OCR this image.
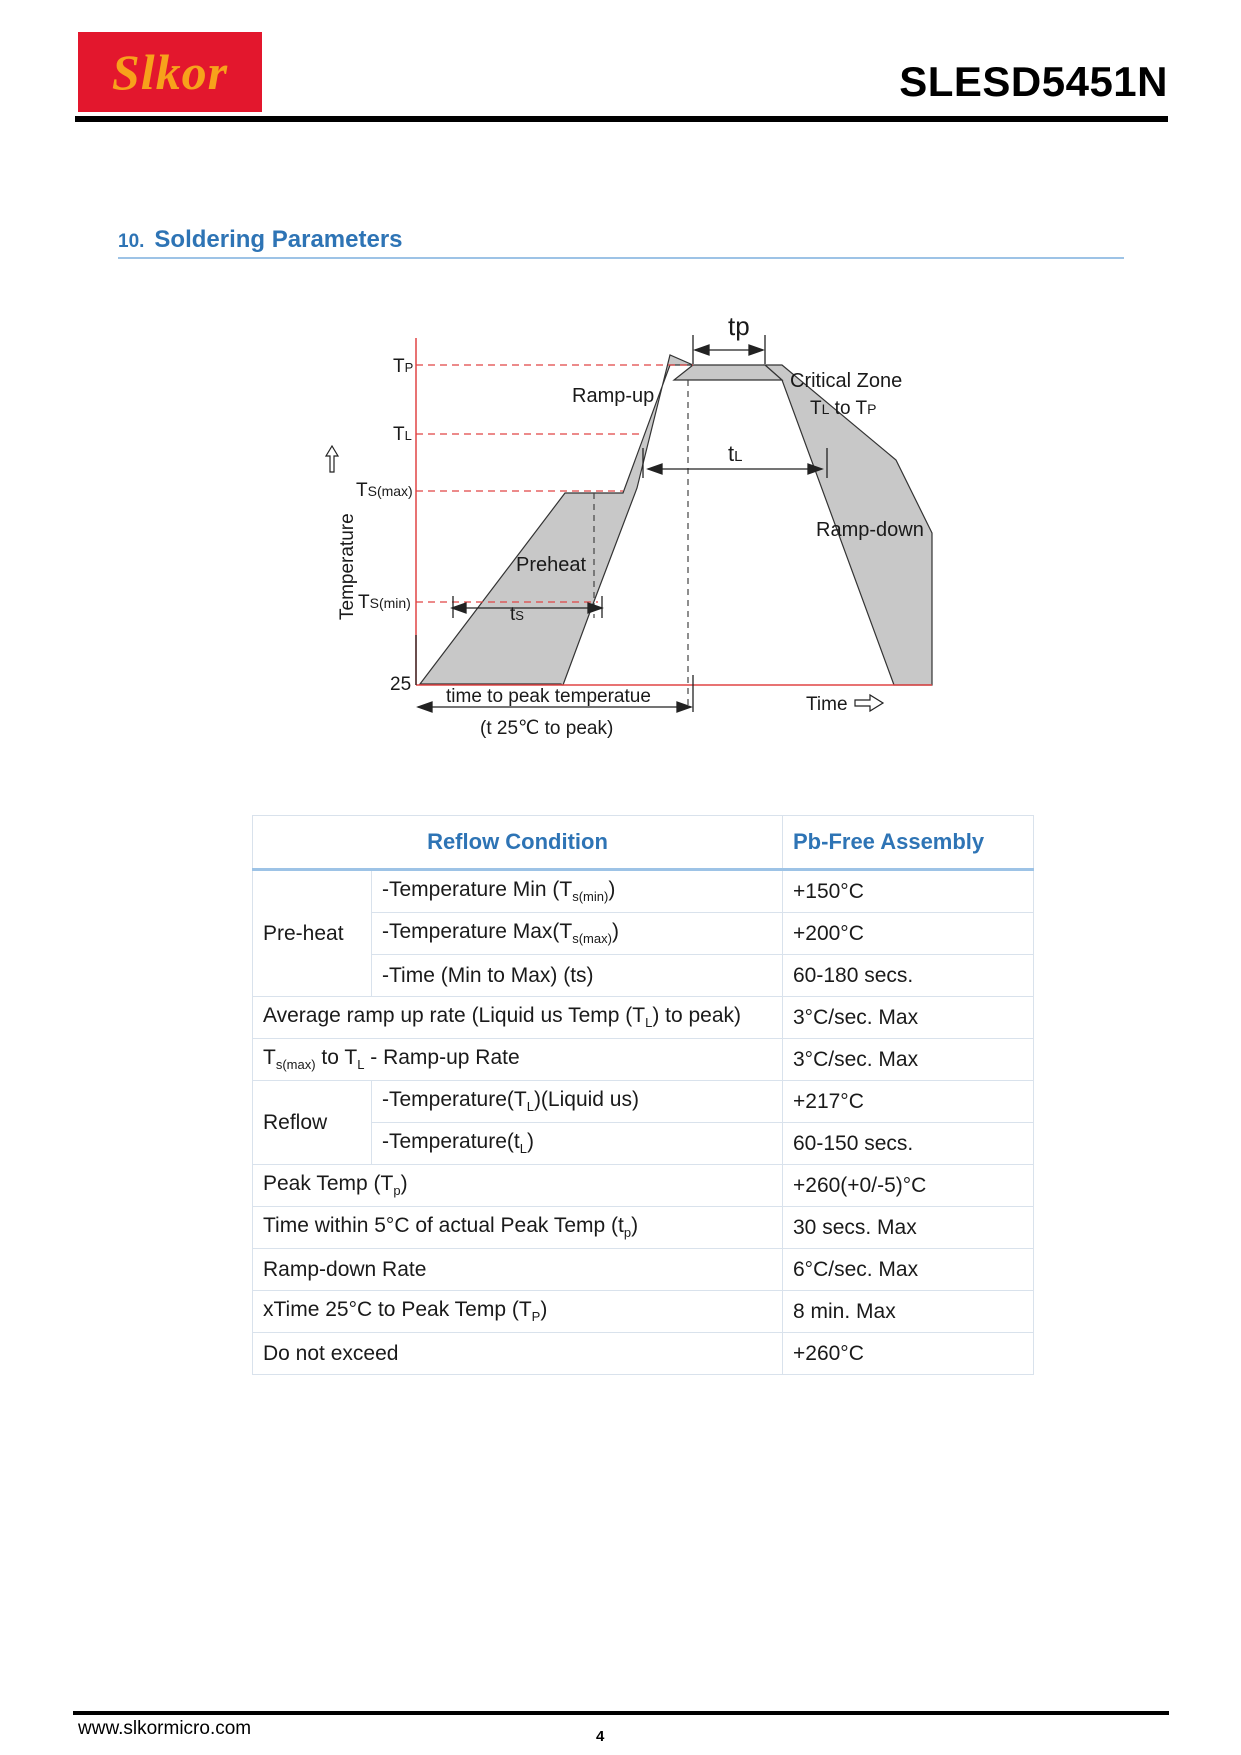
Slkor	SLESD5451N
10. Soldering Parameters
tp
TP
TL
TS(max)
TS(min)
25
Temperature
Ramp-up
Critical Zone
TL to TP
tL
Ramp-down
Preheat
tS
time to peak temperatue
(t 25℃ to peak)
Time
Reflow Condition		Pb-Free Assembly
Pre-heat	-Temperature Min $(T_{s(min)})$	+150°C
	-Temperature $Max(T_{s(max)})$	+200°C
	-Time (Min to Max) (ts)	60-180 secs.
Average ramp up rate (Liquid us Temp $(T_L)$ to peak)		3°C/sec. Max
$T_{s(max)}$ to $T_L$ - Ramp-up Rate		3°C/sec. Max
Reflow	$-Temperature(T_L)(Liquid$ us)	+217°C
	$-Temperature(t_L)$	60-150 secs.
Peak Temp $(T_p)$		+260(+0/-5)°C
Time within 5°C of actual Peak Temp $(t_p)$		30 secs. Max
Ramp-down Rate		6°C/sec. Max
xTime 25°C to Peak Temp $(T_P)$		8 min. Max
Do not exceed		+260°C
www.slkormicro.com	4
